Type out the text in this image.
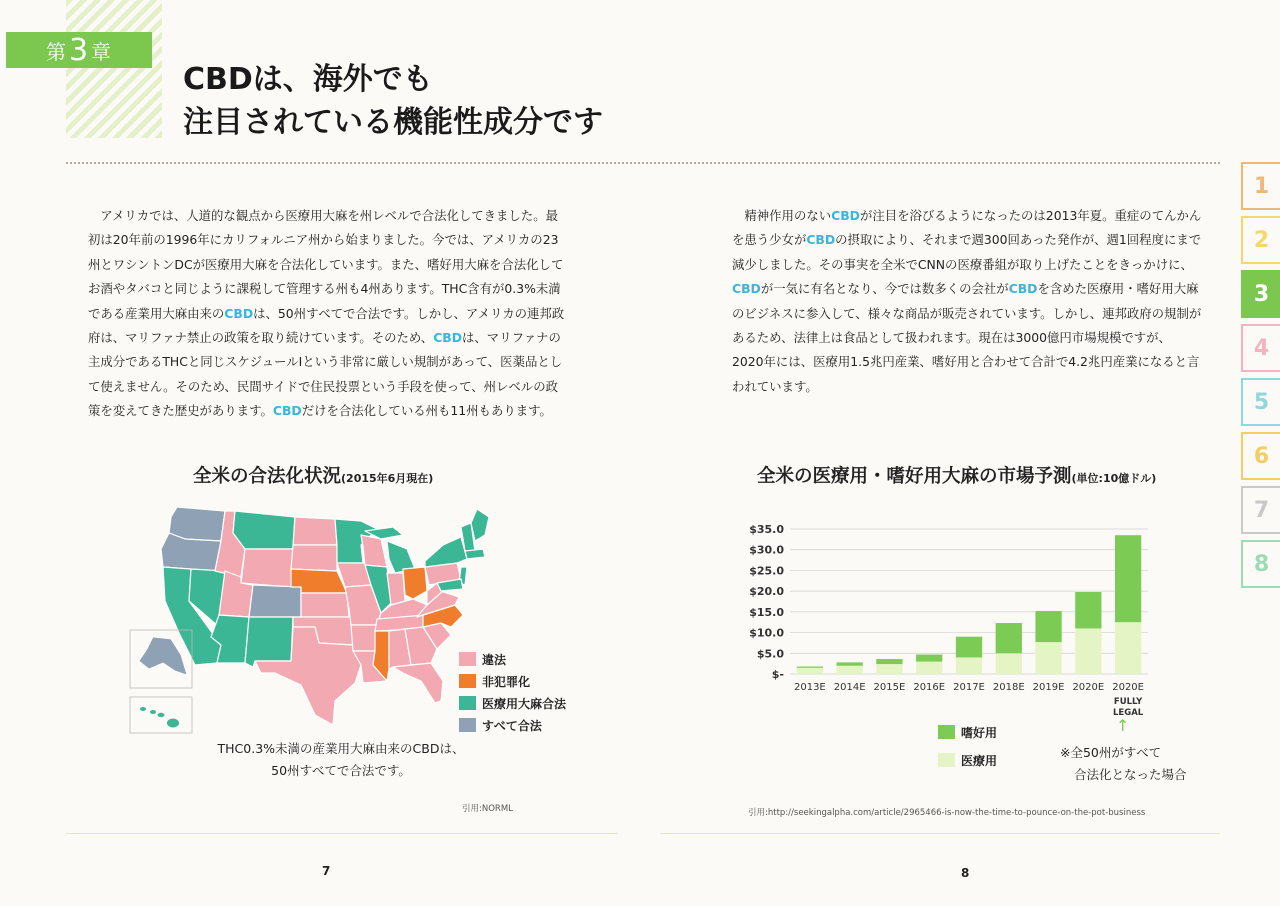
第 3 章
CBDは、海外でも
注目されている機能性成分です
アメリカでは、人道的な観点から医療用大麻を州レベルで合法化してきました。最初は20年前の1996年にカリフォルニア州から始まりました。今では、アメリカの23州とワシントンDCが医療用大麻を合法化しています。また、嗜好用大麻を合法化してお酒やタバコと同じように課税して管理する州も4州あります。THC含有が0.3%未満である産業用大麻由来のCBDは、50州すべてで合法です。しかし、アメリカの連邦政府は、マリファナ禁止の政策を取り続けています。そのため、CBDは、マリファナの主成分であるTHCと同じスケジュールⅠという非常に厳しい規制があって、医薬品として使えません。そのため、民間サイドで住民投票という手段を使って、州レベルの政策を変えてきた歴史があります。CBDだけを合法化している州も11州もあります。
精神作用のないCBDが注目を浴びるようになったのは2013年夏。重症のてんかんを患う少女がCBDの摂取により、それまで週300回あった発作が、週1回程度にまで減少しました。その事実を全米でCNNの医療番組が取り上げたことをきっかけに、CBDが一気に有名となり、今では数多くの会社がCBDを含めた医療用・嗜好用大麻のビジネスに参入して、様々な商品が販売されています。しかし、連邦政府の規制があるため、法律上は食品として扱われます。現在は3000億円市場規模ですが、2020年には、医療用1.5兆円産業、嗜好用と合わせて合計で4.2兆円産業になると言われています。
全米の合法化状況(2015年6月現在)
違法
非犯罪化
医療用大麻合法
すべて合法
THC0.3%未満の産業用大麻由来のCBDは、
50州すべてで合法です。
引用:NORML
全米の医療用・嗜好用大麻の市場予測(単位:10億ドル)
$-
$5.0
$10.0
$15.0
$20.0
$25.0
$30.0
$35.0
2013E 2014E 2015E 2016E 2017E 2018E 2019E 2020E 2020E
FULLY
LEGAL
嗜好用
医療用
↑
※全50州がすべて
合法化となった場合
引用:http://seekingalpha.com/article/2965466-is-now-the-time-to-pounce-on-the-pot-business
7	8
1
2
3
4
5
6
7
8
